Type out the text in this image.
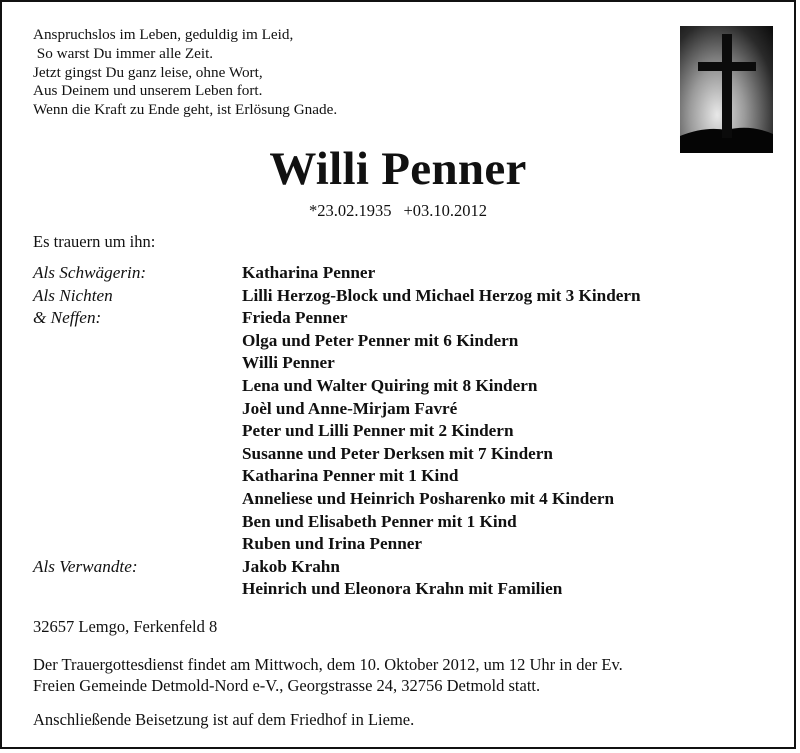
Anspruchslos im Leben, geduldig im Leid,
So warst Du immer alle Zeit.
Jetzt gingst Du ganz leise, ohne Wort,
Aus Deinem und unserem Leben fort.
Wenn die Kraft zu Ende geht, ist Erlösung Gnade.
Willi Penner
*23.02.1935 +03.10.2012
Es trauern um ihn:
Als Schwägerin:	Katharina Penner
Als Nichten
& Neffen:
Lilli Herzog-Block und Michael Herzog mit 3 Kindern
Frieda Penner
Olga und Peter Penner mit 6 Kindern
Willi Penner
Lena und Walter Quiring mit 8 Kindern
Joèl und Anne-Mirjam Favré
Peter und Lilli Penner mit 2 Kindern
Susanne und Peter Derksen mit 7 Kindern
Katharina Penner mit 1 Kind
Anneliese und Heinrich Posharenko mit 4 Kindern
Ben und Elisabeth Penner mit 1 Kind
Ruben und Irina Penner
Als Verwandte:	Jakob Krahn
Heinrich und Eleonora Krahn mit Familien
32657 Lemgo, Ferkenfeld 8
Der Trauergottesdienst findet am Mittwoch, dem 10. Oktober 2012, um 12 Uhr in der Ev.
Freien Gemeinde Detmold-Nord e-V., Georgstrasse 24, 32756 Detmold statt.
Anschließende Beisetzung ist auf dem Friedhof in Lieme.
